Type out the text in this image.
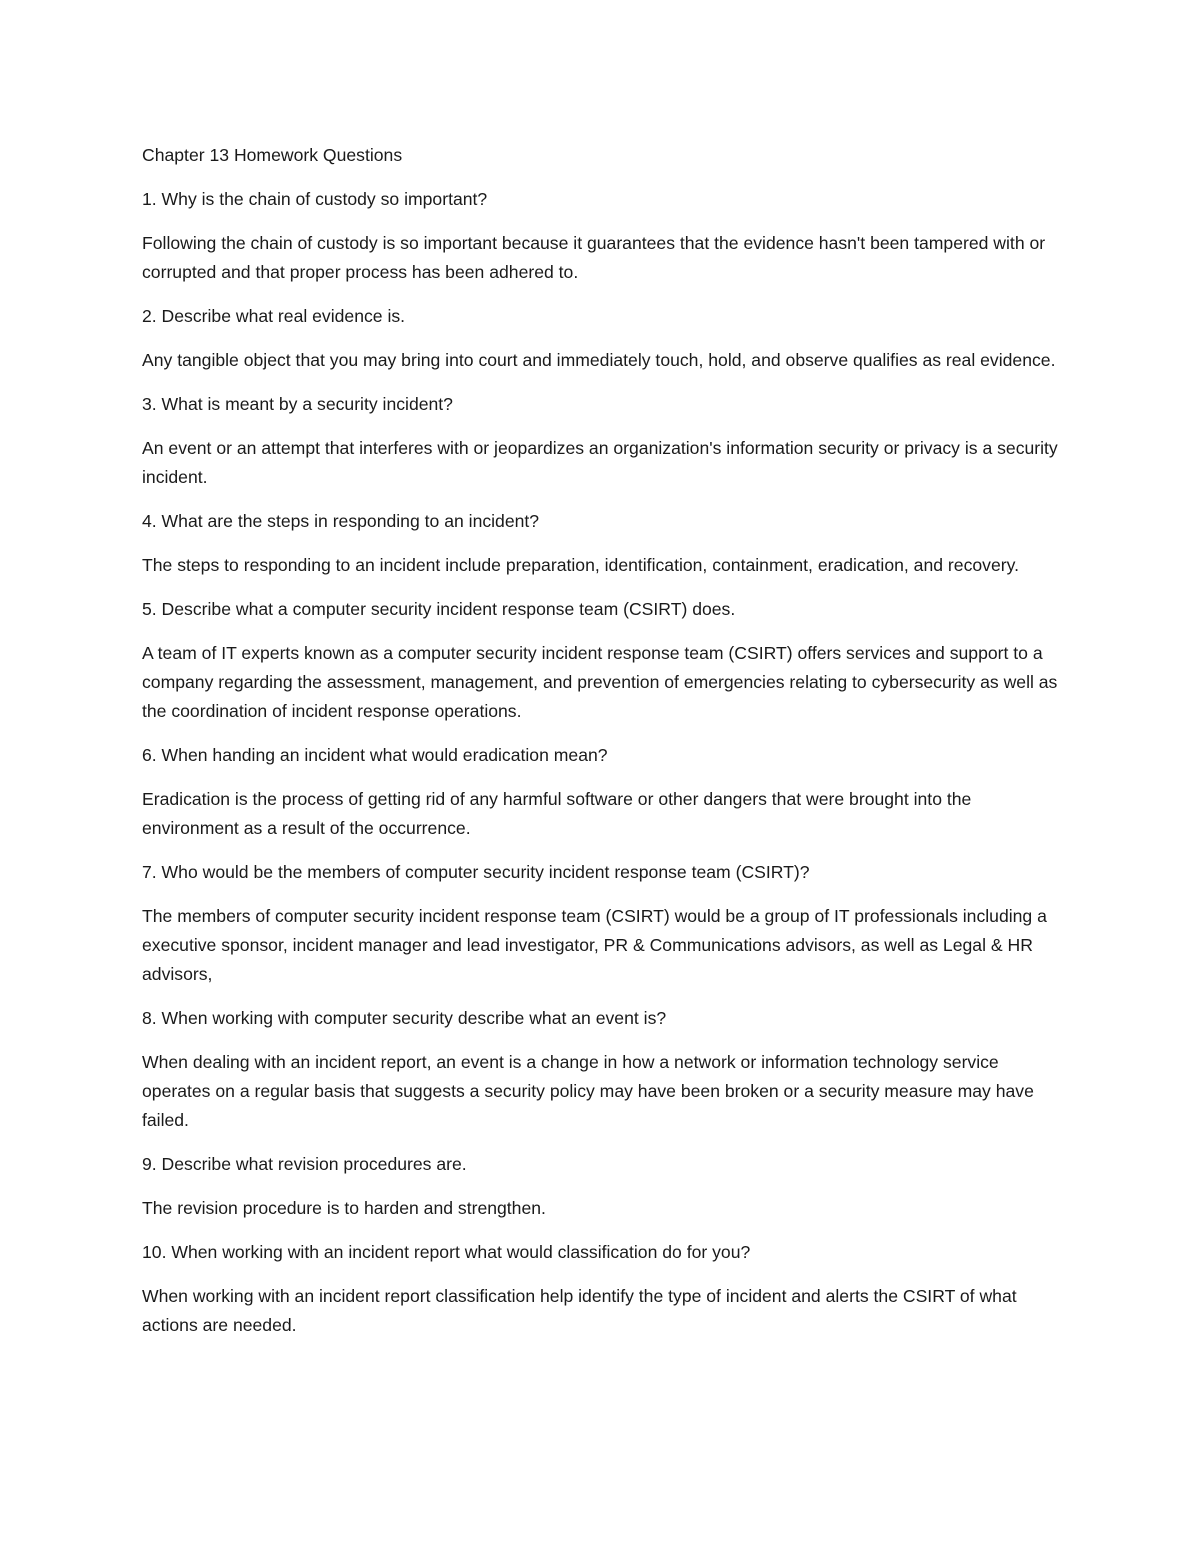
Chapter 13 Homework Questions

1. Why is the chain of custody so important?

Following the chain of custody is so important because it guarantees that the evidence hasn't been tampered with or corrupted and that proper process has been adhered to.

2. Describe what real evidence is.

Any tangible object that you may bring into court and immediately touch, hold, and observe qualifies as real evidence.

3. What is meant by a security incident?

An event or an attempt that interferes with or jeopardizes an organization's information security or privacy is a security incident.

4. What are the steps in responding to an incident?

The steps to responding to an incident include preparation, identification, containment, eradication, and recovery.

5. Describe what a computer security incident response team (CSIRT) does.

A team of IT experts known as a computer security incident response team (CSIRT) offers services and support to a company regarding the assessment, management, and prevention of emergencies relating to cybersecurity as well as the coordination of incident response operations.

6. When handing an incident what would eradication mean?

Eradication is the process of getting rid of any harmful software or other dangers that were brought into the environment as a result of the occurrence.

7. Who would be the members of computer security incident response team (CSIRT)?

The members of computer security incident response team (CSIRT) would be a group of IT professionals including a executive sponsor, incident manager and lead investigator, PR & Communications advisors, as well as Legal & HR advisors,

8. When working with computer security describe what an event is?

When dealing with an incident report, an event is a change in how a network or information technology service operates on a regular basis that suggests a security policy may have been broken or a security measure may have failed.

9. Describe what revision procedures are.

The revision procedure is to harden and strengthen.

10. When working with an incident report what would classification do for you?

When working with an incident report classification help identify the type of incident and alerts the CSIRT of what actions are needed.
